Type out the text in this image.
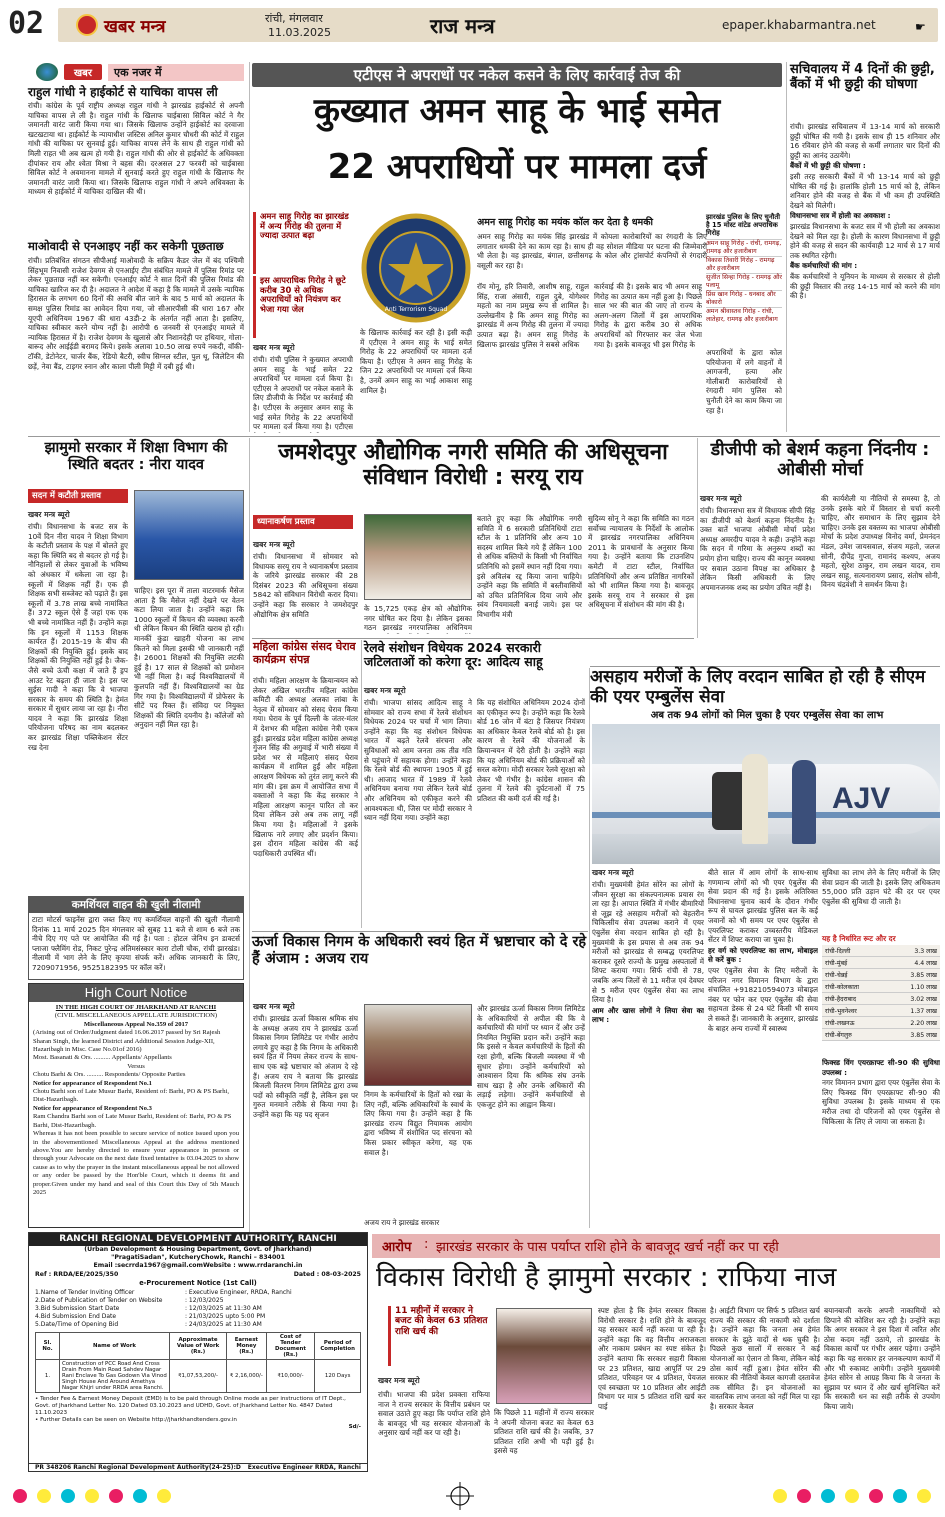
02	खबर मन्त्र	रांची, मंगलवार
11.03.2025	राज मन्त्र	epaper.khabarmantra.net	☛
खबर	एक नजर में
राहुल गांधी ने हाईकोर्ट से याचिका वापस ली
रांची। कांग्रेस के पूर्व राष्ट्रीय अध्यक्ष राहुल गांधी ने झारखंड हाईकोर्ट से अपनी याचिका वापस ले ली है। राहुल गांधी के खिलाफ चाईबासा सिविल कोर्ट ने गैर जमानती वारंट जारी किया गया था। जिसके खिलाफ उन्होंने हाईकोर्ट का दरवाजा खटखटाया था। हाईकोर्ट के न्यायाधीश जस्टिस अनिल कुमार चौधरी की कोर्ट में राहुल गांधी की याचिका पर सुनवाई हुई। याचिका वापस लेने के साथ ही राहुल गांधी को मिली राहत भी अब खत्म हो गयी है। राहुल गांधी की ओर से हाईकोर्ट के अधिवक्ता दीपांकर राय और श्वेता मिश्रा ने बहस की। दरअसल 27 फरवरी को चाईबासा सिविल कोर्ट ने अवमानना मामले में सुनवाई करते हुए राहुल गांधी के खिलाफ गैर जमानती वारंट जारी किया था। जिसके खिलाफ राहुल गांधी ने अपने अधिवक्ता के माध्यम से हाईकोर्ट में याचिका दाखिल की थी।
माओवादी से एनआइए नहीं कर सकेगी पूछताछ
रांची। प्रतिबंधित संगठन सीपीआई माओवादी के सक्रिय कैडर जेल में बंद पश्चिमी सिंहभूम निवासी राजेश देवगम से एनआईए टीम संबंधित मामले में पुलिस रिमांड पर लेकर पूछताछ नहीं कर सकेगी। एनआईए कोर्ट ने सात दिनों की पुलिस रिमांड की याचिका खारिज कर दी है। अदालत ने आदेश में कहा है कि मामले में उसके न्यायिक हिरासत के लगभग 60 दिनों की अवधि बीत जाने के बाद 5 मार्च को अदालत के समक्ष पुलिस रिमांड का आवेदन दिया गया, जो सीआरपीसी की धारा 167 और यूएपी अधिनियम 1967 की धारा 43डी-2 के अंतर्गत नहीं आता है। इसलिए, याचिका स्वीकार करने योग्य नहीं है। आरोपी 6 जनवरी से एनआईए मामले में न्यायिक हिरासत में है। राजेश देवगम के खुलासे और निशानदेही पर हथियार, गोला-बारूद और आईईडी बरामद किये। इसके अलावा 10.50 लाख रुपये नकदी, वॉकी-टॉकी, डेटोनेटर, चार्जर बैंक, रेडियो बैटरी, स्वीच सिग्नल स्टील, पुल थू, जिलेटिन की छड़ें, नेवा बैंड, टाइगर स्नान और काला पीली मिट्टी में दबी हुई थी।
एटीएस ने अपराधों पर नकेल कसने के लिए कार्रवाई तेज की
कुख्यात अमन साहू के भाई समेत
22 अपराधियों पर मामला दर्ज
अमन साहू गिरोह का झारखंड में अन्य गिरोह की तुलना में ज्यादा उत्पात बढ़ा
इस आपराधिक गिरोह ने छूटे करीब 30 से अधिक अपराधियों को नियंत्रण कर भेजा गया जेल	Anti Terrorism Squad
अमन साहू गिरोह का मयंक कॉल कर देता है धमकी
अमन साहू गिरोह का मयंक सिंह झारखंड में कोयला कारोबारियों का रंगदारी के लिए लगातार धमकी देने का काम रहा है। साथ ही वह सोशल मीडिया पर घटना की जिम्मेवारी भी लेता है। वह झारखंड, बंगाल, छत्तीसगढ़ के कोल और ट्रांसपोर्ट कंपनियों से रंगदारी वसूली कर रहा है।
खबर मन्त्र ब्यूरो
रांची। रांची पुलिस ने कुख्यात अपराधी अमन साहू के भाई समेत 22 अपराधियों पर मामला दर्ज किया है। एटीएस ने अपराधों पर नकेल कसने के लिए डीजीपी के निर्देश पर कार्रवाई की है। एटीएस के अनुसार अमन साहू के भाई समेत गिरोह के 22 अपराधियों पर मामला दर्ज किया गया है। एटीएस
के खिलाफ कार्रवाई कर रही है। इसी कड़ी में एटीएस ने अमन साहू के भाई समेत गिरोह के 22 अपराधियों पर मामला दर्ज किया है। एटीएस ने अमन साहू गिरोह के जिन 22 अपराधियों पर मामला दर्ज किया है, उनमें अमन साहू का भाई आकाश साहू शामिल है।
रॉय मोनू, हरि तिवारी, आशीष साहू, राहुल सिंह, राजा अंसारी, राहुल दुबे, योगेश्वर महतो का नाम प्रमुख रूप से शामिल है। उल्लेखनीय है कि अमन साहू गिरोह का झारखंड में अन्य गिरोह की तुलना में ज्यादा उत्पात बढ़ा है। अमन साहू गिरोह के खिलाफ झारखंड पुलिस ने सबसे अधिक
कार्रवाई की है। इसके बाद भी अमन साहू गिरोह का उत्पात कम नहीं हुआ है। पिछले साल भर की बात की जाए तो राज्य के अलग-अलग जिलों में इस आपराधिक गिरोह के द्वारा करीब 30 से अधिक अपराधियों को गिरफ्तार कर जेल भेजा गया है। इसके बावजूद भी इस गिरोह के
झारखंड पुलिस के लिए चुनौती है 15 मोस्ट वांटेड अपराधिक गिरोह
अमन साहू गिरोह - रांची, रामगढ़, रामगढ़ और हजारीबाग
विकास तिवारी गिरोह - रामगढ़ और हजारीबाग
सुजीत सिन्हा गिरोह - रामगढ़ और पलामू
प्रिंस खान गिरोह - धनबाद और बोकारो
अमन श्रीवास्तव गिरोह - रांची, लातेहार, रामगढ़ और हजारीबाग
अपराधियों के द्वारा कोल परियोजना में लगे वाहनों में आगजनी, हत्या और गोलीबारी कारोबारियों से रंगदारी मांग पुलिस को चुनौती देने का काम किया जा रहा है।
सचिवालय में 4 दिनों की छुट्टी, बैंकों में भी छुट्टी की घोषणा

रांची। झारखंड सचिवालय में 13-14 मार्च को सरकारी छुट्टी घोषित की गयी है। इसके साथ ही 15 शनिवार और 16 रविवार होने की वजह से कर्मी लगातार चार दिनों की छुट्टी का आनंद उठायेंगे।

बैंकों में भी छुट्टी की घोषणा :

इसी तरह सरकारी बैंकों में भी 13-14 मार्च को छुट्टी घोषित की गई है। हालांकि होली 15 मार्च को है, लेकिन शनिवार होने की वजह से बैंक में भी कम ही उपस्थिति देखने को मिलेगी।

विधानसभा सत्र में होली का अवकाश :

झारखंड विधानसभा के बजट सत्र में भी होली का अवकाश देखने को मिल रहा है। होली के कारण विधानसभा में छुट्टी होने की वजह से सदन की कार्यवाही 12 मार्च से 17 मार्च तक स्थगित रहेगी।

बैंक कर्मचारियों की मांग :

बैंक कर्मचारियों ने यूनियन के माध्यम से सरकार से होली की छुट्टी विस्तार की तरह 14-15 मार्च को करने की मांग की है।

झामुमो सरकार में शिक्षा विभाग की स्थिति बदतर : नीरा यादव
सदन में कटौती प्रस्ताव
खबर मन्त्र ब्यूरो
रांची। विधानसभा के बजट सत्र के 10वें दिन नीरा यादव ने शिक्षा विभाग के कटौती प्रस्ताव के पक्ष में बोलते हुए कहा कि स्थिति बद से बदतर हो गई है। नौनिहालों से लेकर युवाओं के भविष्य को अंधकार में धकेला जा रहा है। स्कूलों में शिक्षक नहीं हैं। एक ही शिक्षक सभी सब्जेक्ट को पढ़ाते हैं। इस स्कूलों में 3.78 लाख बच्चे नामांकित हैं। 372 स्कूल ऐसे हैं जहां एक एक भी बच्चे नामांकित नहीं हैं। उन्होंने कहा कि इन स्कूलों में 1153 शिक्षक कार्यरत हैं। 2015-19 के बीच की शिक्षकों की नियुक्ति हुई। इसके बाद शिक्षकों की नियुक्ति नहीं हुई है। जैक-जैसे बच्चे ऊंची कक्षा में जाते हैं ड्रप आउट रेट बढ़ता ही जाता है। इस पर सुईस गादी ने कहा कि वे भाजपा सरकार के समय की स्थिति है। हेमंत सरकार में सुधार लाया जा रहा है। नीरा यादव ने कहा कि झारखंड शिक्षा परियोजना परिषद का नाम बदलकर कर झारखंड शिक्षा पब्लिकेशन सेंटर रख देना
चाहिए। इस पूरा में ताला वाटरमार्क मैसेज आता है कि मैसेज नहीं देखने पर वेतन कटा लिया जाता है। उन्होंने कहा कि 1000 स्कूलों में किचन की व्यवस्था करनी थी लेकिन किचन की स्थिति खराब हो रही। मानकीं कुंडा खाहरी योजना का लाभ कितने को मिला इसकी भी जानकारी नहीं है। 26001 शिक्षकों की नियुक्ति लटकी हुई है। 17 साल से शिक्षकों को प्रमोशन भी नहीं मिला है। कई विश्वविद्यालयों में कुलपति नहीं हैं। विश्वविद्यालयों का ग्रेड गिर गया है। विश्वविद्यालयों में प्रोफेसर के सीटें पद रिक्त हैं। संविदा पर नियुक्त शिक्षकों की स्थिति दयनीय है। कॉलेजों को अनुदान नहीं मिल रहा है।
कमर्शियल वाहन की खुली नीलामी
टाटा मोटर्स फाइनेंस द्वारा जब्त किए गए कमर्शियल वाहनों की खुली नीलामी दिनांक 11 मार्च 2025 दिन मंगलवार को सुबह 11 बजे से शाम 6 बजे तक नीचे दिए गए पते पर आयोजित की गई है। पता : होटल जेनिथ इन डाक्टर्स प्लाजा फ्लैमिंग रोड, निकट पुरेन्द्र अंतिमसंस्कार कारा टोली चौक, रांची झारखंड। नीलामी में भाग लेने के लिए कृपया संपर्क करें। अधिक जानकारी के लिए, 7209071956, 9525182395 पर कॉल करें।
High Court Notice
IN THE HIGH COURT OF JHARKHAND AT RANCHI
(CIVIL MISCELLANEOUS APPELLATE JURISDICTION)
Miscellaneous Appeal No.359 of 2017
(Arising out of Order/Judgment dated 16.06.2017 passed by Sri Rajesh Sharan Singh, the learned District and Additional Session Judge-XII, Hazaribagh in Misc. Case No.01of 2016)
Most. Basanati & Ors. .......... Appellants/ Appellants
Versus
Chotu Barhi & Ors. .......... Respondents/ Opposite Parties
Notice for appearance of Respondent No.1
Chotu Barhi son of Late Musur Barhi, Resident of: Barhi, PO & PS Barhi, Dist-Hazaribagh.
Notice for appearance of Respondent No.3
Ram Chandra Barhi son of Late Musur Barhi, Resident of: Barhi, PO & PS Barhi, Dist-Hazaribagh.
Whereas it has not been possible to secure service of notice issued upon you in the abovementioned Miscellaneous Appeal at the address mentioned above.You are hereby directed to ensure your appearance in person or through your Advocate on the next date fixed tentative is 03.04.2025 to show cause as to why the prayer in the instant miscellaneous appeal be not allowed or any order be passed by the Hon'ble Court, which it deems fit and proper.Given under my hand and seal of this Court this Day of 5th Mauch 2025
जमशेदपुर औद्योगिक नगरी समिति की अधिसूचना संविधान विरोधी : सरयू राय
ध्यानाकर्षण प्रस्ताव
खबर मन्त्र ब्यूरो
रांची। विधानसभा में सोमवार को विधायक सरयू राय ने ध्यानाकर्षण प्रस्ताव के जरिये झारखंड सरकार की 28 दिसंबर 2023 की अधिसूचना संख्या 5842 को संविधान विरोधी करार दिया। उन्होंने कहा कि सरकार ने जमशेदपुर औद्योगिक क्षेत्र समिति
के 15,725 एकड़ क्षेत्र को औद्योगिक नगर घोषित कर दिया है। लेकिन इसका गठन झारखंड नगरपालिका अधिनियम
बताते हुए कहा कि औद्योगिक नगरी समिति में 6 सरकारी प्रतिनिधियों टाटा स्टील के 1 प्रतिनिधि और अन्य 10 सदस्य शामिल किये गये हैं लेकिन 100 से अधिक बस्तियों के किसी भी निर्वाचित प्रतिनिधि को इसमें स्थान नहीं दिया गया। इसे अविलंब रद्द किया जाना चाहिये। उन्होंने कहा कि समिति में बस्तीवासियों को उचित प्रतिनिधित्व दिया जाये और स्वंय नियमावली बनाई जाये। इस पर विभागीय मंत्री
सुदिव्य सोनू ने कहा कि समिति का गठन सर्वोच्च न्यायालय के निर्देशों के आलोक में झारखंड नगरपालिका अधिनियम 2011 के प्रावधानों के अनुसार किया गया है। उन्होंने बताया कि टाउनशिप कमेटी में टाटा स्टील, निर्वाचित प्रतिनिधियों और अन्य प्रतिष्ठित नागरिकों को भी शामिल किया गया है। बावजूद इसके सरयू राय ने सरकार से इस अधिसूचना में संशोधन की मांग की है।
महिला कांग्रेस संसद घेराव कार्यक्रम संपन्न
रांची। महिला आरक्षण के क्रियान्वयन को लेकर अखिल भारतीय महिला कांग्रेस कमिटी की अध्यक्ष अलका लांबा के नेतृत्व में सोमवार को संसद घेराव किया गया। घेराव के पूर्व दिल्ली के जंतर-मंतर में देशभर की महिला कांग्रेस नेत्री एकत्र हुईं। झारखंड प्रदेश महिला कांग्रेस अध्यक्ष गुंजन सिंह की अगुवाई में भारी संख्या में प्रदेश भर से महिलाएं संसद घेराव कार्यक्रम में शामिल हुईं और महिला आरक्षण विधेयक को तुरंत लागू करने की मांग की। इस क्रम में आयोजित सभा में वक्ताओं ने कहा कि केंद्र सरकार ने महिला आरक्षण कानून पारित तो कर दिया लेकिन उसे अब तक लागू नहीं किया गया है। महिलाओं ने इसके खिलाफ नारे लगाए और प्रदर्शन किया। इस दौरान महिला कांग्रेस की कई पदाधिकारी उपस्थित थीं।
रेलवे संशोधन विधेयक 2024 सरकारी जटिलताओं को करेगा दूर: आदित्य साहू
खबर मन्त्र ब्यूरो
रांची। भाजपा सांसद आदित्य साहू ने सोमवार को राज्य सभा में रेलवे संशोधन विधेयक 2024 पर चर्चा में भाग लिया। उन्होंने कहा कि यह संशोधन विधेयक भारत में बढ़ते रेलवे संरचना और सुविधाओं को आम जनता तक तीव्र गति से पहुंचाने में सहायक होगा। उन्होंने कहा कि रेलवे बोर्ड की स्थापना 1905 में हुई थी। आजाद भारत में 1989 में रेलवे अधिनियम बनाया गया लेकिन रेलवे बोर्ड और अधिनियम को एकीकृत करने की आवश्यकता थी, जिस पर मोदी सरकार ने ध्यान नहीं दिया गया। उन्होंने कहा
कि यह संशोधित अधिनियम 2024 दोनों का एकीकृत रूप है। उन्होंने कहा कि रेलवे बोर्ड 16 जोन में बंटा है जिसपर नियंत्रण का अधिकार केवल रेलवे बोर्ड को है। इस कारण से रेलवे की योजनाओं के क्रियान्वयन में देरी होती है। उन्होंने कहा कि यह अधिनियम बोर्ड की प्रक्रियाओं को सरल करेगा। मोदी सरकार रेलवे सुरक्षा को लेकर भी गंभीर है। कांग्रेस शासन की तुलना में रेलवे की दुर्घटनाओं में 75 प्रतिशत की कमी दर्ज की गई है।
डीजीपी को बेशर्म कहना निंदनीय : ओबीसी मोर्चा
खबर मन्त्र ब्यूरो
रांची। विधानसभा सत्र में विधायक सीपी सिंह का डीजीपी को बेशर्म कहना निंदनीय है। उक्त बातें भाजपा ओबीसी मोर्चा प्रदेश अध्यक्ष अमरदीप यादव ने कही। उन्होंने कहा कि सदन में गरिमा के अनुरूप शब्दों का प्रयोग होना चाहिए। राज्य की कानून व्यवस्था पर सवाल उठाना विपक्ष का अधिकार है लेकिन किसी अधिकारी के लिए अपमानजनक शब्द का प्रयोग उचित नहीं है।
की कार्यशैली या नीतियों से समस्या है, तो उनके इसके बारे में विस्तार से चर्चा करनी चाहिए, और समाधान के लिए सुझाव देने चाहिए। उनके इस वक्तव्य का भाजपा ओबीसी मोर्चा के प्रदेश उपाध्यक्ष विनोद वर्मा, प्रेमनंदन मंडल, उमेश जायसवाल, संजय महतो, जलज सोनी, दीपेंद्र गुप्ता, रामानंद कश्यप, अजय महतो, सुरेश ठाकुर, राम लखन यादव, राम लखन साहू, सत्यनारायण प्रसाद, संतोष सोनी, विनय चंद्रवंशी ने समर्थन किया है।
असहाय मरीजों के लिए वरदान साबित हो रही है सीएम की एयर एम्बुलेंस सेवा
अब तक 94 लोगों को मिल चुका है एयर एम्बुलेंस सेवा का लाभ
AJV
खबर मन्त्र ब्यूरो

रांची। मुख्यमंत्री हेमंत सोरेन का लोगों के जीवन सुरक्षा का संकल्पनात्मक प्रयास रंग ला रहा है। आपात स्थिति में गंभीर बीमारियों से जूझ रहे असहाय मरीजों को बेहतरीन चिकित्सीय सेवा उपलब्ध कराने में एयर एंबुलेंस सेवा वरदान साबित हो रही है। मुख्यमंत्री के इस प्रयास से अब तक 94 मरीजों को झारखंड से सम्बद्ध एयरलिफ्ट कराकर दूसरे राज्यों के प्रमुख अस्पतालों में शिफ्ट कराया गया। सिर्फ रांची से 78, जबकि अन्य जिलों से 11 मरीज एवं देवघर से 5 मरीज एयर एंबुलेंस सेवा का लाभ लिया है।

आम और खास लोगों ने लिया सेवा का लाभ :

बीते साल में आम लोगों के साथ-साथ गणमान्य लोगों को भी एयर एंबुलेंस की सेवा प्रदान की गई है। इसके अतिरिक्त विधानसभा चुनाव कार्य के दौरान गंभीर रूप से घायल झारखंड पुलिस बल के कई जवानों को भी समय पर एयर एंबुलेंस से एयरलिफ्ट कराकर उच्चस्तरीय मेडिकल सेंटर में शिफ्ट कराया जा चुका है।

हर वर्ग को एयरलिफ्ट का लाभ, मोबाइल से करें बुक :

एयर एंबुलेंस सेवा के लिए मरीजों के परिजन नगर विमानन विभाग के द्वारा संचालित +918210594073 मोबाइल नंबर पर फोन कर एयर एंबुलेंस की सेवा सहायता डेस्क से 24 घंटे किसी भी समय ले सकते हैं। जानकारी के अनुसार, झारखंड के बाहर अन्य राज्यों में स्वास्थ्य

सुविधा का लाभ लेने के लिए मरीजों के लिए सेवा प्रदान की जाती है। इसके लिए अधिकतम 55,000 प्रति उड़ान घंटे की दर पर एयर एंबुलेंस की सुविधा दी जाती है।
यह है निर्धारित रूट और दर
रांची-दिल्ली	3.3 लाख
रांची-मुंबई	4.4 लाख
रांची-चेन्नई	3.85 लाख
रांची-कोलकाता	1.10 लाख
रांची-हैदराबाद	3.02 लाख
रांची-भुवनेश्वर	1.37 लाख
रांची-लखनऊ	2.20 लाख
रांची-बेंगलुरु	3.85 लाख

फिक्स्ड विंग एयरक्राफ्ट सी-90 की सुविधा उपलब्ध :

नगर विमानन प्रभाग द्वारा एयर एंबुलेंस सेवा के लिए फिक्स्ड विंग एयरक्राफ्ट सी-90 की सुविधा उपलब्ध है। इसके माध्यम से एक मरीज तथा दो परिजनों को एयर एंबुलेंस से चिकित्सा के लिए ले जाया जा सकता है।

ऊर्जा विकास निगम के अधिकारी स्वयं हित में भ्रष्टाचार को दे रहे हैं अंजाम : अजय राय
खबर मन्त्र ब्यूरो
रांची। झारखंड ऊर्जा विकास श्रमिक संघ के अध्यक्ष अजय राय ने झारखंड ऊर्जा विकास निगम लिमिटेड पर गंभीर आरोप लगाये हुए कहा है कि निगम के अधिकारी स्वयं हित में नियम लेकर राज्य के साथ-साथ एक बड़े भ्रष्टाचार को अंजाम दे रहे हैं। अजय राय ने बताया कि झारखंड बिजली वितरण निगम लिमिटेड द्वारा उच्च पदों को स्वीकृति नहीं है, लेकिन इस पर गुरुत मनमाने तरीके से किया गया है। उन्होंने कहा कि यह पद सृजन
निगम के कर्मचारियों के हितों को रखा के लिए नहीं, बल्कि अधिकारियों के स्वार्थ के लिए किया गया है। उन्होंने कहा है कि झारखंड राज्य विद्युत नियामक आयोग द्वारा भविष्य में संशोधित पद संरचना को किस प्रकार स्वीकृत करेगा, यह एक सवाल है।
और झारखंड ऊर्जा विकास निगम लिमिटेड के अधिकारियों से अपील की कि वे कर्मचारियों की मांगों पर ध्यान दें और उन्हें नियमित नियुक्ति प्रदान करें। उन्होंने कहा कि इससे न केवल कर्मचारियों के हितों की रक्षा होगी, बल्कि बिजली व्यवस्था में भी सुधार होगा। उन्होंने कर्मचारियों को आश्वासन दिया कि श्रमिक संघ उनके साथ खड़ा है और उनके अधिकारों की लड़ाई लड़ेगा। उन्होंने कर्मचारियों से एकजुट होने का आह्वान किया।
अजय राय ने झारखंड सरकार
RANCHI REGIONAL DEVELOPMENT AUTHORITY, RANCHI
(Urban Development & Housing Department, Govt. of Jharkhand)
"PragatiSadan", KutcheryChowk, Ranchi – 834001
Email :secrrda1967@gmail.comWebsite : www.rrdaranchi.in
Ref : RRDA/EE/2025/350	Dated : 08-03-2025
e-Procurement Notice (1st Call)
1.Name of Tender Inviting Officer	: Executive Engineer, RRDA, Ranchi
2.Date of Publication of Tender on Website	: 12/03/2025
3.Bid Submission Start Date	: 12/03/2025 at 11:30 AM
4.Bid Submission End Date	: 21/03/2025 upto 5:00 PM
5.Date/Time of Opening Bid	: 24/03/2025 at 11:30 AM
Sl. No.	Name of Work	Approximate Value of Work (Rs.)	Earnest Money (Rs.)	Cost of Tender Document (Rs.)	Period of Completion
1.	Construction of PCC Road And Cross Drain From Main Road Sahdev Nagar Rani Enclave To Gas Godown Via Vinod Singh House And Around Amethya Nagar Khijri under RRDA area Ranchi.	₹1,07,53,200/-	₹ 2,16,000/-	₹10,000/-	120 Days
• Tender Fee & Earnest Money Deposit (EMD) is to be paid through Online mode as per instructions of IT Dept., Govt. of Jharkhand Letter No. 120 Dated 03.10.2023 and UDHD, Govt. of Jharkhand Letter No. 4847 Dated 11.10.2023
• Further Details can be seen on Website http://jharkhandtenders.gov.in
Sd/-
PR 348206 Ranchi Regional Development Authority(24-25):D Executive Engineer RRDA, Ranchi
आरोप : झारखंड सरकार के पास पर्याप्त राशि होने के बावजूद खर्च नहीं कर पा रही
विकास विरोधी है झामुमो सरकार : राफिया नाज
11 महीनों में सरकार ने बजट की केवल 63 प्रतिशत राशि खर्च की
खबर मन्त्र ब्यूरो
रांची। भाजपा की प्रदेश प्रवक्ता राफिया नाज ने राज्य सरकार के वित्तीय प्रबंधन पर सवाल उठाते हुए कहा कि पर्याप्त राशि होने के बावजूद भी यह सरकार योजनाओं के अनुसार खर्च नहीं कर पा रही है।
कि पिछले 11 महीनों में राज्य सरकार ने अपनी योजना बजट का केवल 63 प्रतिशत राशि खर्च की है। जबकि, 37 प्रतिशत राशि अभी भी पड़ी हुई है। इससे यह
स्पष्ट होता है कि हेमंत सरकार विकास विरोधी सरकार है। राशि होने के बावजूद यह सरकार कार्य नहीं करवा पा रही है। उन्होंने कहा कि वह वित्तीय अराजकता और नाकाम प्रबंधन का स्पष्ट संकेत है। उन्होंने बताया कि सरकार सहारी विकास पर 23 प्रतिशत, खाद्य आपूर्ति पर 29 प्रतिशत, परिवहन पर 4 प्रतिशत, पेयजल एवं स्वच्छता पर 10 प्रतिशत और आईटी विभाग पर मात्र 5 प्रतिशत राशि खर्च कर पाई
है। आईटी विभाग पर सिर्फ 5 प्रतिशत खर्च राज्य की सरकार की नाकामी को दर्शाता है। उन्होंने कहा कि जनता अब हेमंत सरकार के झूठे वादों से थक चुकी है। पिछले कुछ सालों में सरकार ने कई योजनाओं का ऐलान तो किया, लेकिन कोई ठोस कार्य नहीं हुआ। हेमंत सोरेन की सरकार की नीतियों केवल कागजी दस्तावेज तक सीमित हैं। इन योजनाओं का वास्तविक लाभ जनता को नहीं मिल पा रहा है। सरकार केवल
बयानबाजी करके अपनी नाकामियों को छिपाने की कोशिश कर रही है। उन्होंने कहा कि अगर सरकार ने इस दिशा में त्वरित और ठोस कदम नहीं उठाये, तो झारखंड के विकास कार्यों पर गंभीर असर पड़ेगा। उन्होंने कहा कि यह सरकार हर जनकल्याण कार्यों में और भी रुकावट आयेगी। उन्होंने मुख्यमंत्री हेमंत सोरेन से आग्रह किया कि वे जनता के सुझाव पर ध्यान दें और खर्च सुनिश्चित करें कि सरकारी धन का सही तरीके से उपयोग किया जाये।
